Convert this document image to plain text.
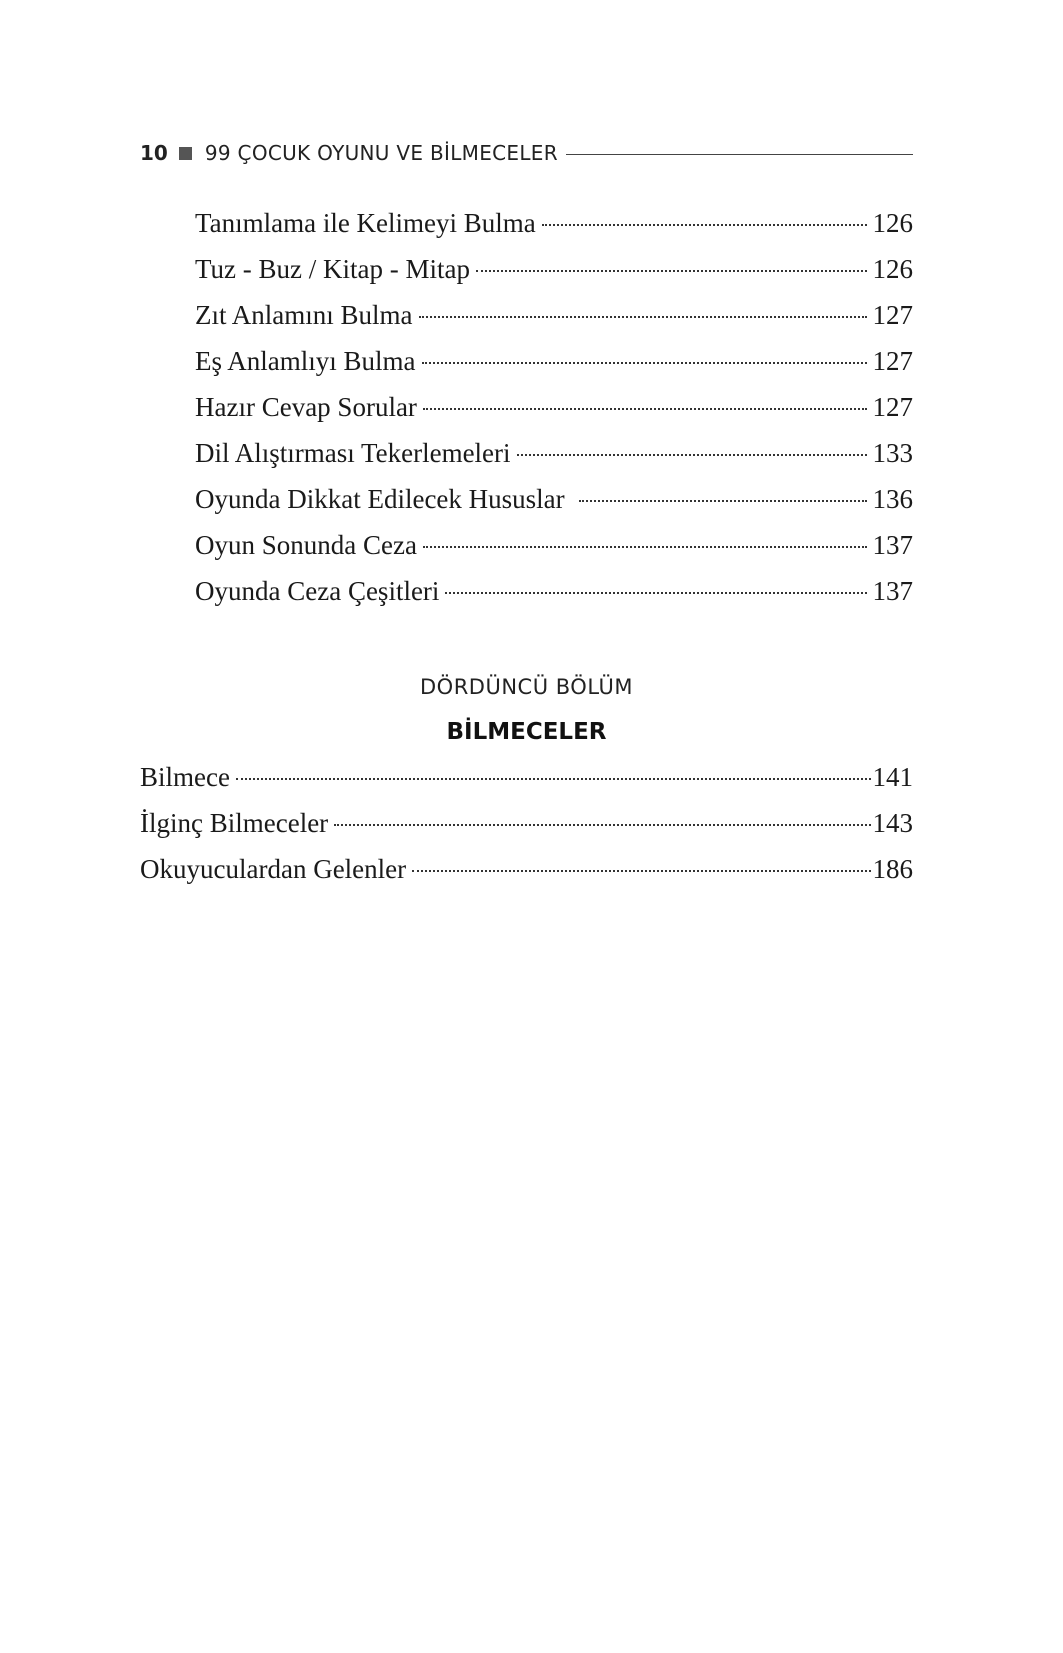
10 99 ÇOCUK OYUNU VE BİLMECELER
Tanımlama ile Kelimeyi Bulma	126
Tuz - Buz / Kitap - Mitap	126
Zıt Anlamını Bulma	127
Eş Anlamlıyı Bulma	127
Hazır Cevap Sorular	127
Dil Alıştırması Tekerlemeleri	133
Oyunda Dikkat Edilecek Hususlar	136
Oyun Sonunda Ceza	137
Oyunda Ceza Çeşitleri	137
DÖRDÜNCÜ BÖLÜM
BİLMECELER
Bilmece	141
İlginç Bilmeceler	143
Okuyuculardan Gelenler	186
